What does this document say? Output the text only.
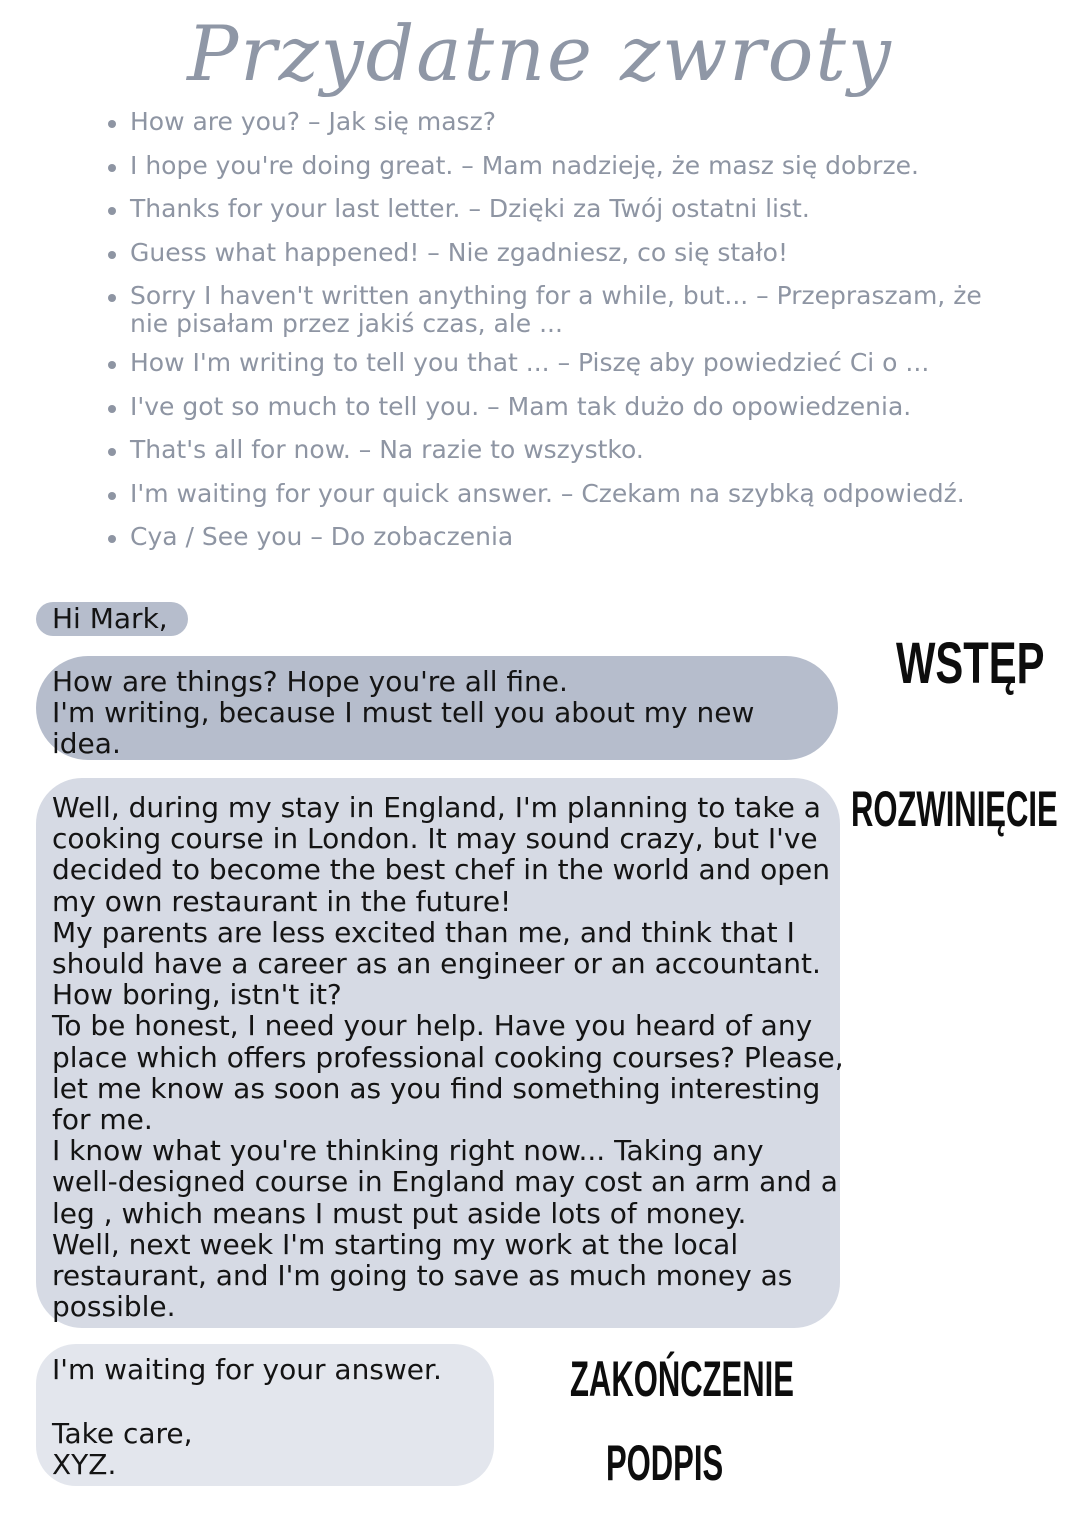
Przydatne zwroty
How are you? – Jak się masz?
I hope you're doing great. – Mam nadzieję, że masz się dobrze.
Thanks for your last letter. – Dzięki za Twój ostatni list.
Guess what happened! – Nie zgadniesz, co się stało!
Sorry I haven't written anything for a while, but... – Przepraszam, że
nie pisałam przez jakiś czas, ale ...
How I'm writing to tell you that ... – Piszę aby powiedzieć Ci o ...
I've got so much to tell you. – Mam tak dużo do opowiedzenia.
That's all for now. – Na razie to wszystko.
I'm waiting for your quick answer. – Czekam na szybką odpowiedź.
Cya / See you – Do zobaczenia
Hi Mark,
How are things? Hope you're all fine.
I'm writing, because I must tell you about my new
idea.
Well, during my stay in England, I'm planning to take a
cooking course in London. It may sound crazy, but I've
decided to become the best chef in the world and open
my own restaurant in the future!
My parents are less excited than me, and think that I
should have a career as an engineer or an accountant.
How boring, istn't it?
To be honest, I need your help. Have you heard of any
place which offers professional cooking courses? Please,
let me know as soon as you find something interesting
for me.
I know what you're thinking right now... Taking any
well-designed course in England may cost an arm and a
leg , which means I must put aside lots of money.
Well, next week I'm starting my work at the local
restaurant, and I'm going to save as much money as
possible.
I'm waiting for your answer.
Take care,
XYZ.
WSTĘP
ROZWINIĘCIE
ZAKOŃCZENIE
PODPIS
